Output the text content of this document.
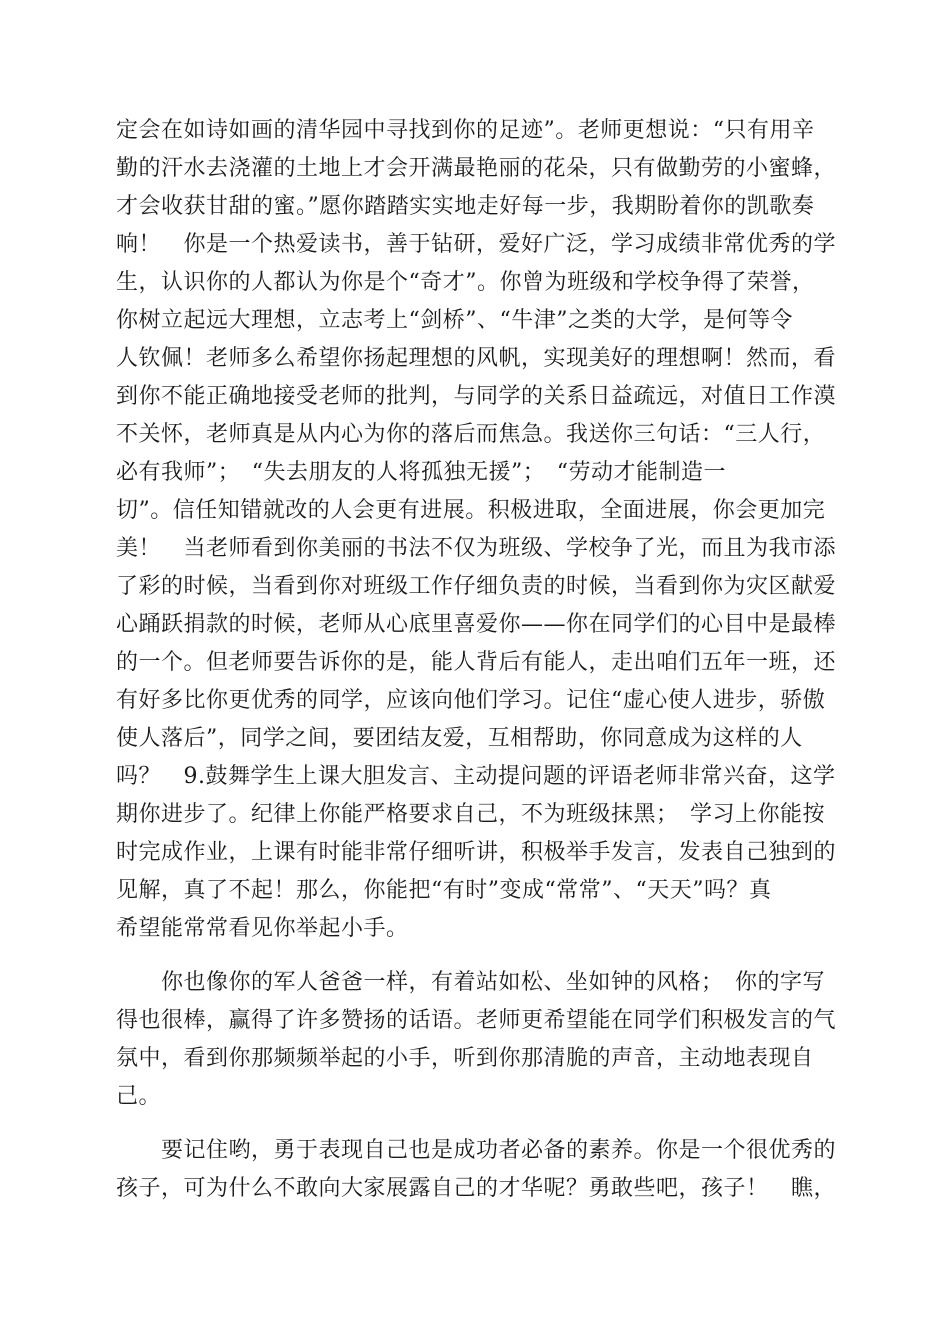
定会在如诗如画的清华园中寻找到你的足迹”。老师更想说：“只有用辛
勤的汗水去浇灌的土地上才会开满最艳丽的花朵，只有做勤劳的小蜜蜂，
才会收获甘甜的蜜。”愿你踏踏实实地走好每一步，我期盼着你的凯歌奏
响！　你是一个热爱读书，善于钻研，爱好广泛，学习成绩非常优秀的学
生，认识你的人都认为你是个“奇才”。你曾为班级和学校争得了荣誉，
你树立起远大理想，立志考上“剑桥”、“牛津”之类的大学，是何等令
人钦佩！老师多么希望你扬起理想的风帆，实现美好的理想啊！然而，看
到你不能正确地接受老师的批判，与同学的关系日益疏远，对值日工作漠
不关怀，老师真是从内心为你的落后而焦急。我送你三句话：“三人行，
必有我师”；　“失去朋友的人将孤独无援”；　“劳动才能制造一
切”。信任知错就改的人会更有进展。积极进取，全面进展，你会更加完
美！　当老师看到你美丽的书法不仅为班级、学校争了光，而且为我市添
了彩的时候，当看到你对班级工作仔细负责的时候，当看到你为灾区献爱
心踊跃捐款的时候，老师从心底里喜爱你——你在同学们的心目中是最棒
的一个。但老师要告诉你的是，能人背后有能人，走出咱们五年一班，还
有好多比你更优秀的同学，应该向他们学习。记住“虚心使人进步，骄傲
使人落后”，同学之间，要团结友爱，互相帮助，你同意成为这样的人
吗？　9.鼓舞学生上课大胆发言、主动提问题的评语老师非常兴奋，这学
期你进步了。纪律上你能严格要求自己，不为班级抹黑；　学习上你能按
时完成作业，上课有时能非常仔细听讲，积极举手发言，发表自己独到的
见解，真了不起！那么，你能把“有时”变成“常常”、“天天”吗？真
希望能常常看见你举起小手。
　　你也像你的军人爸爸一样，有着站如松、坐如钟的风格；　你的字写
得也很棒，赢得了许多赞扬的话语。老师更希望能在同学们积极发言的气
氛中，看到你那频频举起的小手，听到你那清脆的声音，主动地表现自
己。
　　要记住哟，勇于表现自己也是成功者必备的素养。你是一个很优秀的
孩子，可为什么不敢向大家展露自己的才华呢？勇敢些吧，孩子！　瞧，
